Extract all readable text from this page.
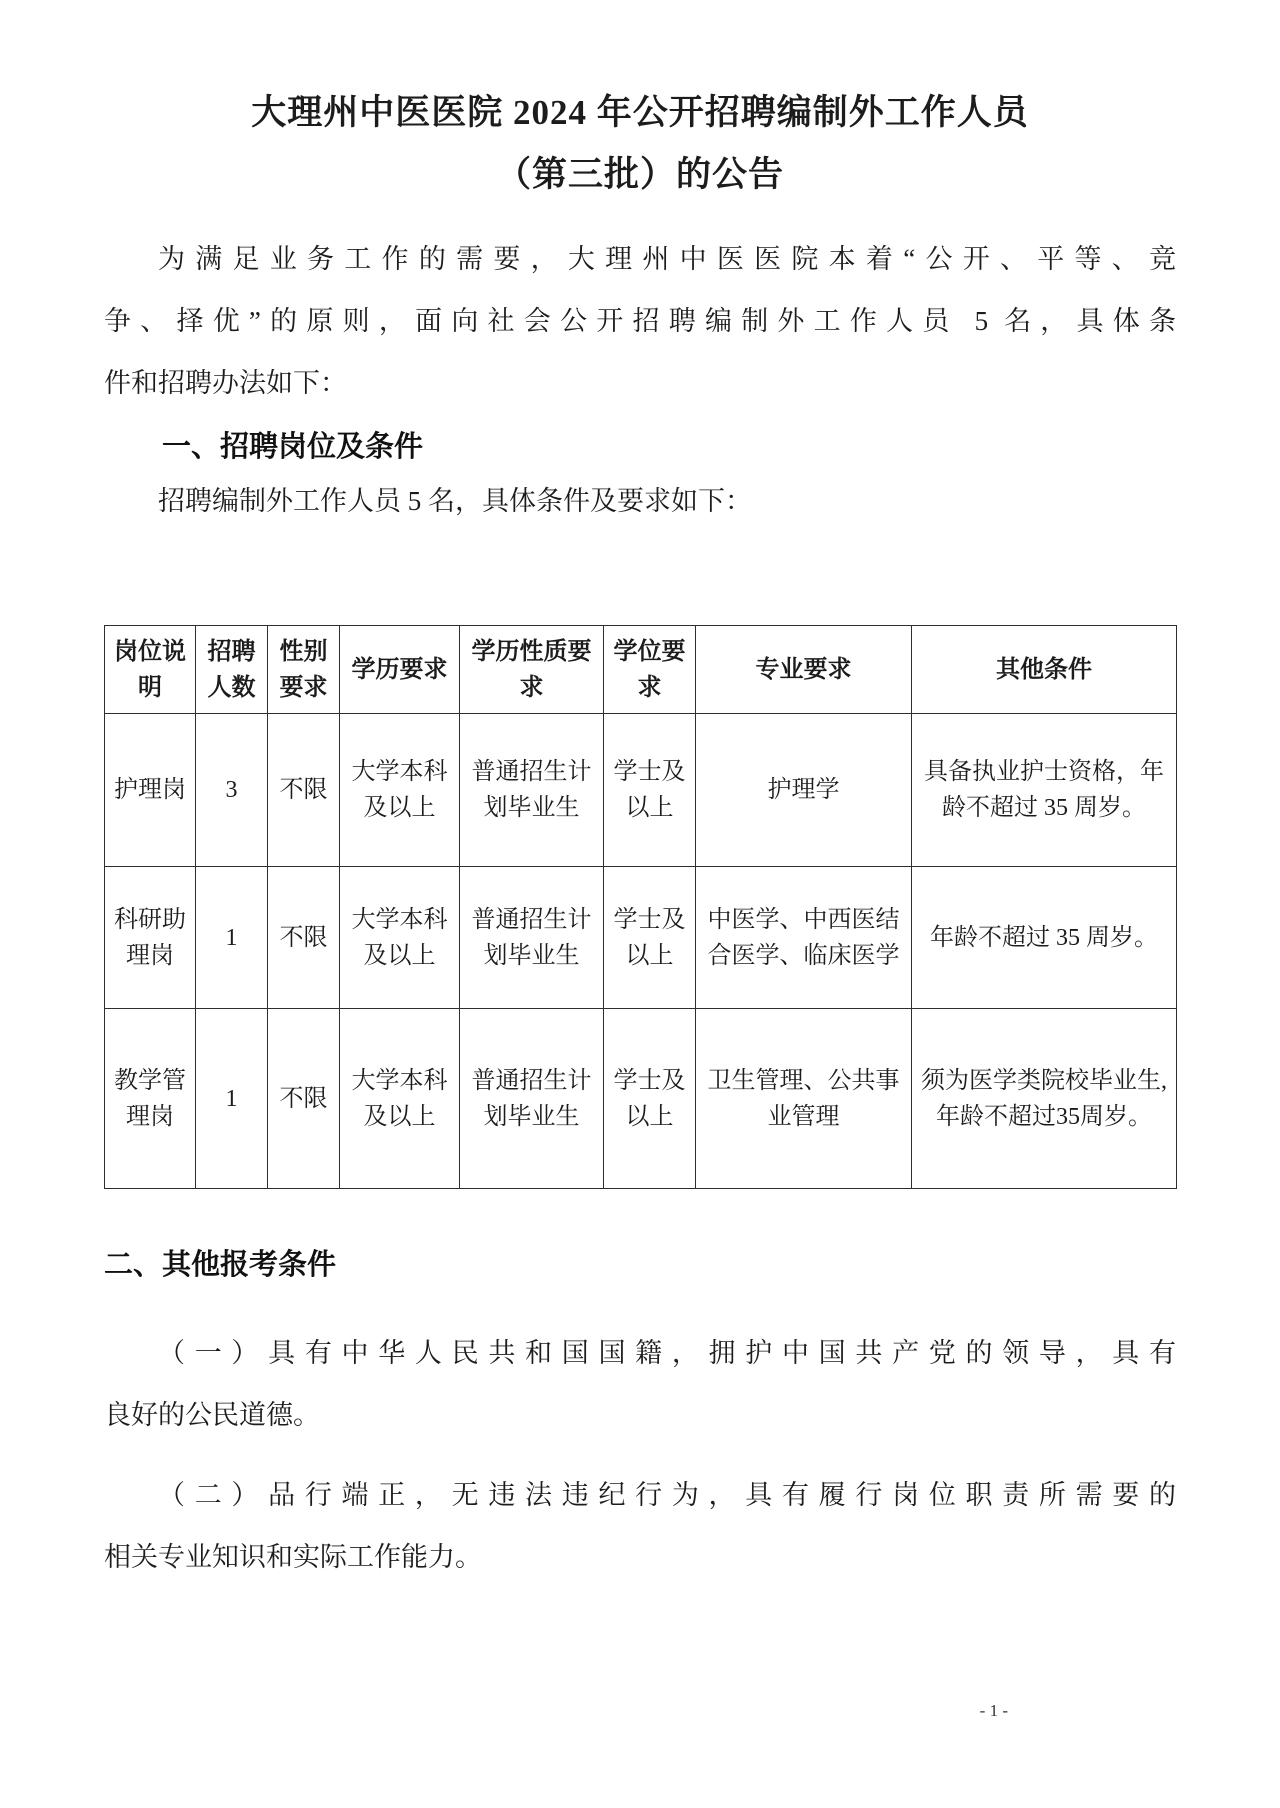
大理州中医医院 2024 年公开招聘编制外工作人员
（第三批）的公告
为满足业务工作的需要，大理州中医医院本着“公开、平等、竞
争、择优”的原则，面向社会公开招聘编制外工作人员 5 名，具体条
件和招聘办法如下：
一、招聘岗位及条件
招聘编制外工作人员 5 名，具体条件及要求如下：
岗位说明	招聘人数	性别要求	学历要求	学历性质要求	学位要求	专业要求	其他条件
护理岗	3	不限	大学本科及以上	普通招生计划毕业生	学士及以上	护理学	具备执业护士资格，年龄不超过 35 周岁。
科研助理岗	1	不限	大学本科及以上	普通招生计划毕业生	学士及以上	中医学、中西医结合医学、临床医学	年龄不超过 35 周岁。
教学管理岗	1	不限	大学本科及以上	普通招生计划毕业生	学士及以上	卫生管理、公共事业管理	须为医学类院校毕业生,年龄不超过35周岁。
二、其他报考条件
（一）具有中华人民共和国国籍，拥护中国共产党的领导，具有
良好的公民道德。
（二）品行端正，无违法违纪行为，具有履行岗位职责所需要的
相关专业知识和实际工作能力。
- 1 -
